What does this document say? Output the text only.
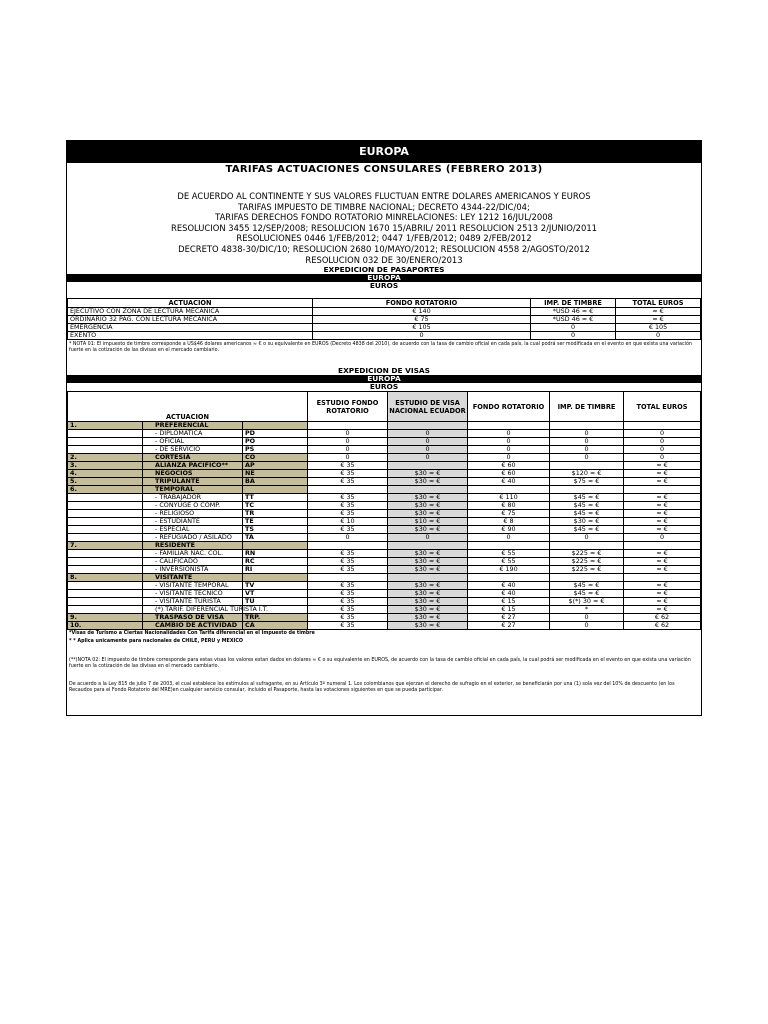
EUROPA
TARIFAS ACTUACIONES CONSULARES (FEBRERO 2013)
DE ACUERDO AL CONTINENTE Y SUS VALORES FLUCTUAN ENTRE DOLARES AMERICANOS Y EUROS
TARIFAS IMPUESTO DE TIMBRE NACIONAL; DECRETO 4344-22/DIC/04;
TARIFAS DERECHOS FONDO ROTATORIO MINRELACIONES: LEY 1212 16/JUL/2008
RESOLUCION 3455 12/SEP/2008; RESOLUCION 1670 15/ABRIL/ 2011 RESOLUCION 2513 2/JUNIO/2011
RESOLUCIONES 0446 1/FEB/2012; 0447 1/FEB/2012; 0489 2/FEB/2012
DECRETO 4838-30/DIC/10; RESOLUCION 2680 10/MAYO/2012; RESOLUCION 4558 2/AGOSTO/2012
RESOLUCION 032 DE 30/ENERO/2013
EXPEDICION DE PASAPORTES
EUROPA
EUROS
ACTUACION	FONDO ROTATORIO	IMP. DE TIMBRE	TOTAL EUROS
EJECUTIVO CON ZONA DE LECTURA MECANICA	€ 140	*USD 46 ≈ €	≈ €
ORDINARIO 32 PAG. CON LECTURA MECANICA	€ 75	*USD 46 ≈ €	≈ €
EMERGENCIA	€ 105	0	€ 105
EXENTO	0	0	0
* NOTA 01: El impuesto de timbre corresponde a US$46 dolares americanos ≈ € o su equivalente en EUROS (Decreto 4838 del 2010), de acuerdo con la tasa de cambio oficial en cada país, la cual podrá ser modificada en el evento en que exista una variación fuerte en la cotización de las divisas en el mercado cambiario.
EXPEDICION DE VISAS
EUROPA
EUROS
ACTUACION			ESTUDIO FONDO ROTATORIO	ESTUDIO DE VISA NACIONAL ECUADOR	FONDO ROTATORIO	IMP. DE TIMBRE	TOTAL EUROS
1.	PREFERENCIAL						
	- DIPLOMATICA	PD	0	0	0	0	0
	- OFICIAL	PO	0	0	0	0	0
	- DE SERVICIO	PS	0	0	0	0	0
2.	CORTESIA	CO	0	0	0	0	0
3.	ALIANZA PACIFICO**	AP	€ 35		€ 60		≈ €
4.	NEGOCIOS	NE	€ 35	$30 ≈ €	€ 60	$120 ≈ €	≈ €
5.	TRIPULANTE	BA	€ 35	$30 ≈ €	€ 40	$75 ≈ €	≈ €
6.	TEMPORAL						
	- TRABAJADOR	TT	€ 35	$30 ≈ €	€ 110	$45 ≈ €	≈ €
	- CONYUGE O COMP.	TC	€ 35	$30 ≈ €	€ 80	$45 ≈ €	≈ €
	- RELIGIOSO	TR	€ 35	$30 ≈ €	€ 75	$45 ≈ €	≈ €
	- ESTUDIANTE	TE	€ 10	$10 ≈ €	€ 8	$30 ≈ €	≈ €
	- ESPECIAL	TS	€ 35	$30 ≈ €	€ 90	$45 ≈ €	≈ €
	- REFUGIADO / ASILADO	TA	0	0	0	0	0
7.	RESIDENTE						
	- FAMILIAR NAC. COL.	RN	€ 35	$30 ≈ €	€ 55	$225 ≈ €	≈ €
	- CALIFICADO	RC	€ 35	$30 ≈ €	€ 55	$225 ≈ €	≈ €
	- INVERSIONISTA	RI	€ 35	$30 ≈ €	€ 190	$225 ≈ €	≈ €
8.	VISITANTE						
	- VISITANTE TEMPORAL	TV	€ 35	$30 ≈ €	€ 40	$45 ≈ €	≈ €
	- VISITANTE TECNICO	VT	€ 35	$30 ≈ €	€ 40	$45 ≈ €	≈ €
	- VISITANTE TURISTA	TU	€ 35	$30 ≈ €	€ 15	$(*) 30 ≈ €	≈ €
	(*) TARIF. DIFERENCIAL TURISTA I.T.		€ 35	$30 ≈ €	€ 15	*	≈ €
9.	TRASPASO DE VISA	TRP.	€ 35	$30 ≈ €	€ 27	0	€ 62
10.	CAMBIO DE ACTIVIDAD	CA	€ 35	$30 ≈ €	€ 27	0	€ 62
*Visas de Turismo a Ciertas Nacionalidades Con Tarifa diferencial en el Impuesto de timbre
* * Aplica unicamente para nacionales de CHILE, PERU y MEXICO
(**)NOTA 02: El impuesto de timbre corresponde para estas visas los valores estan dados en dolares ≈ € o su equivalente en EUROS, de acuerdo con la tasa de cambio oficial en cada país, la cual podrá ser modificada en el evento en que exista una variación fuerte en la cotización de las divisas en el mercado cambiario.
De acuerdo a la Ley 815 de julio 7 de 2003, el cual establece los estímulos al sufragante, en su Artículo 3º numeral 1. Los colombianos que ejerzan el derecho de sufragio en el exterior, se beneficiarán por una (1) sola vez del 10% de descuento (en los Recaudos para el Fondo Rotatorio del MRE)en cualquier servicio consular, incluido el Pasaporte, hasta las votaciones siguientes en que se pueda participar.
